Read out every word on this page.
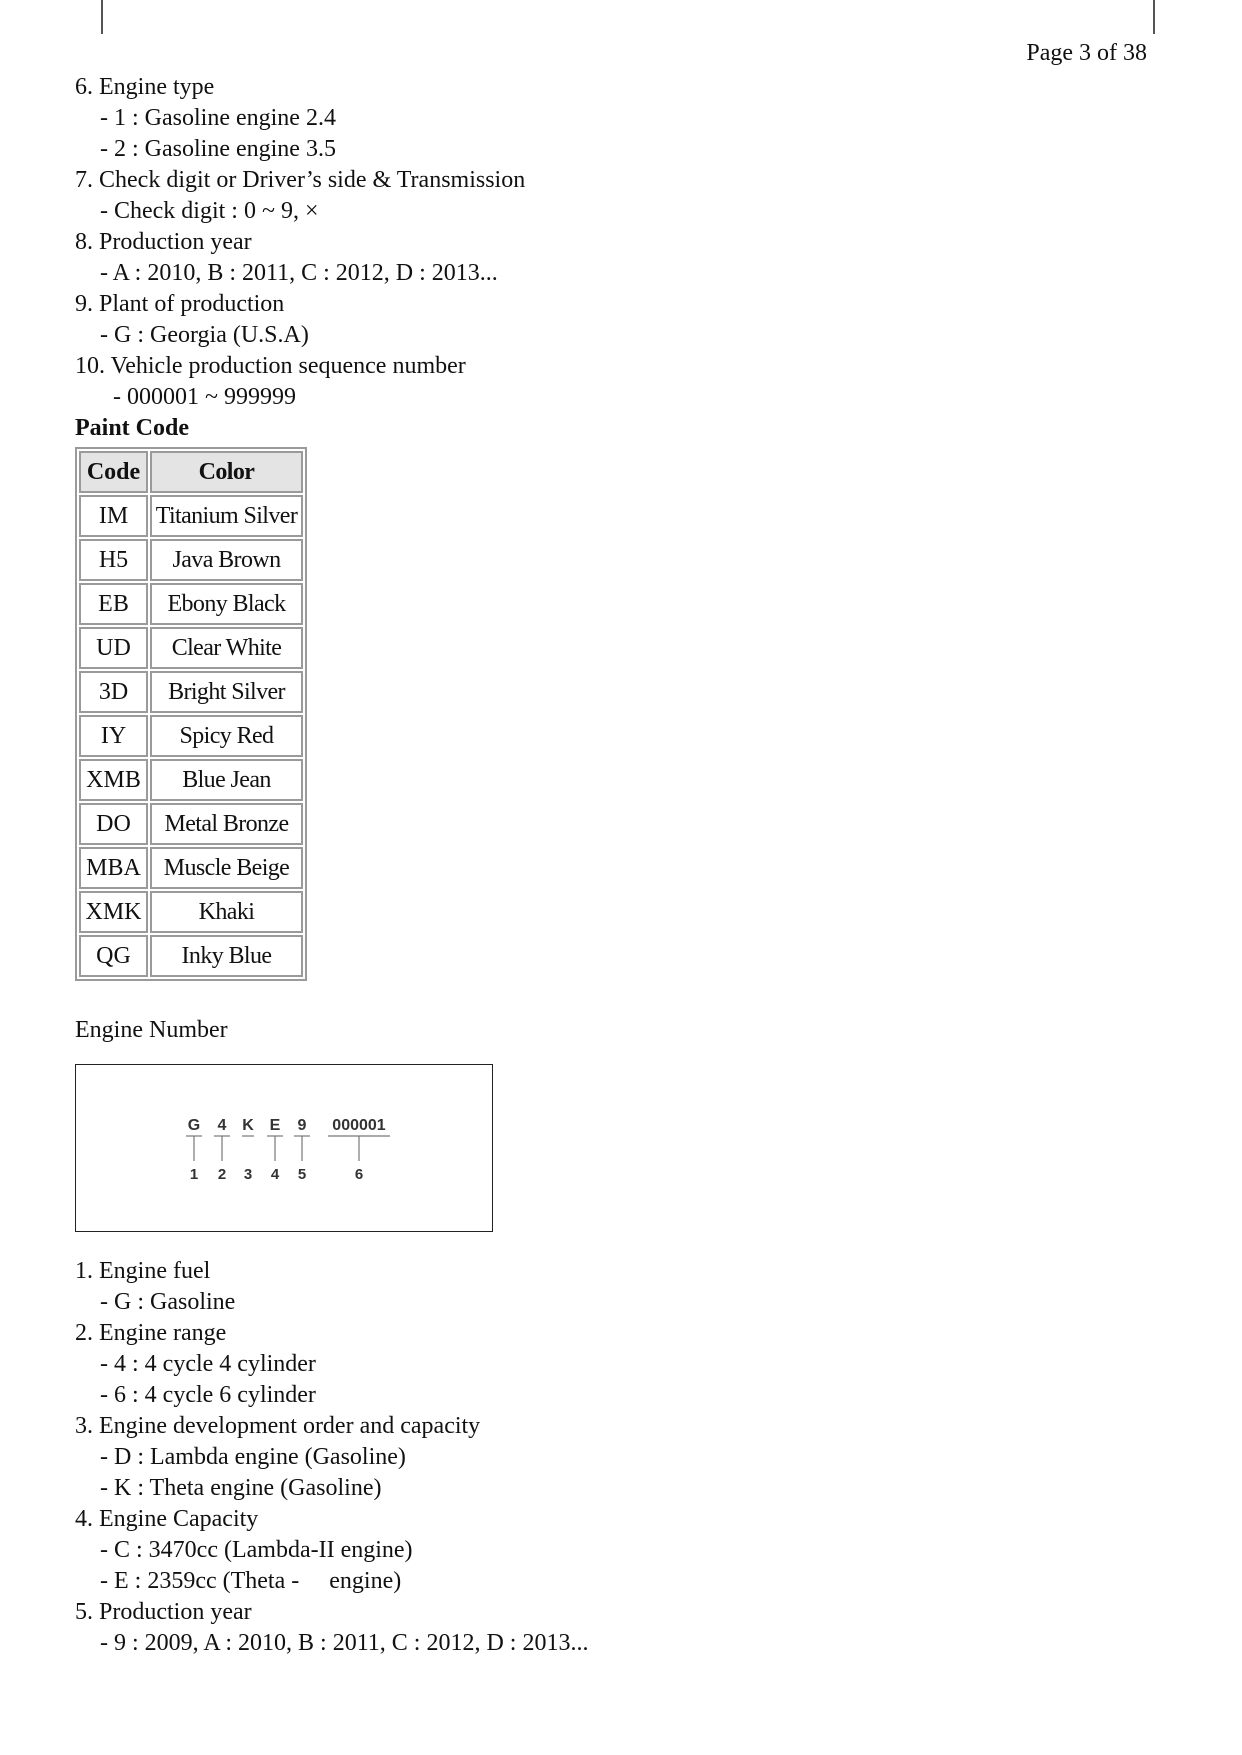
Page 3 of 38
6. Engine type
- 1 : Gasoline engine 2.4
- 2 : Gasoline engine 3.5
7. Check digit or Driver’s side & Transmission
- Check digit : 0 ~ 9, ×
8. Production year
- A : 2010, B : 2011, C : 2012, D : 2013...
9. Plant of production
- G : Georgia (U.S.A)
10. Vehicle production sequence number
- 000001 ~ 999999
Paint Code
Code	Color
IM	Titanium Silver
H5	Java Brown
EB	Ebony Black
UD	Clear White
3D	Bright Silver
IY	Spicy Red
XMB	Blue Jean
DO	Metal Bronze
MBA	Muscle Beige
XMK	Khaki
QG	Inky Blue
Engine Number
G 4 K E 9 000001
1 2 3 4 5	6
1. Engine fuel
- G : Gasoline
2. Engine range
- 4 : 4 cycle 4 cylinder
- 6 : 4 cycle 6 cylinder
3. Engine development order and capacity
- D : Lambda engine (Gasoline)
- K : Theta engine (Gasoline)
4. Engine Capacity
- C : 3470cc (Lambda-II engine)
- E : 2359cc (Theta -     engine)
5. Production year
- 9 : 2009, A : 2010, B : 2011, C : 2012, D : 2013...
